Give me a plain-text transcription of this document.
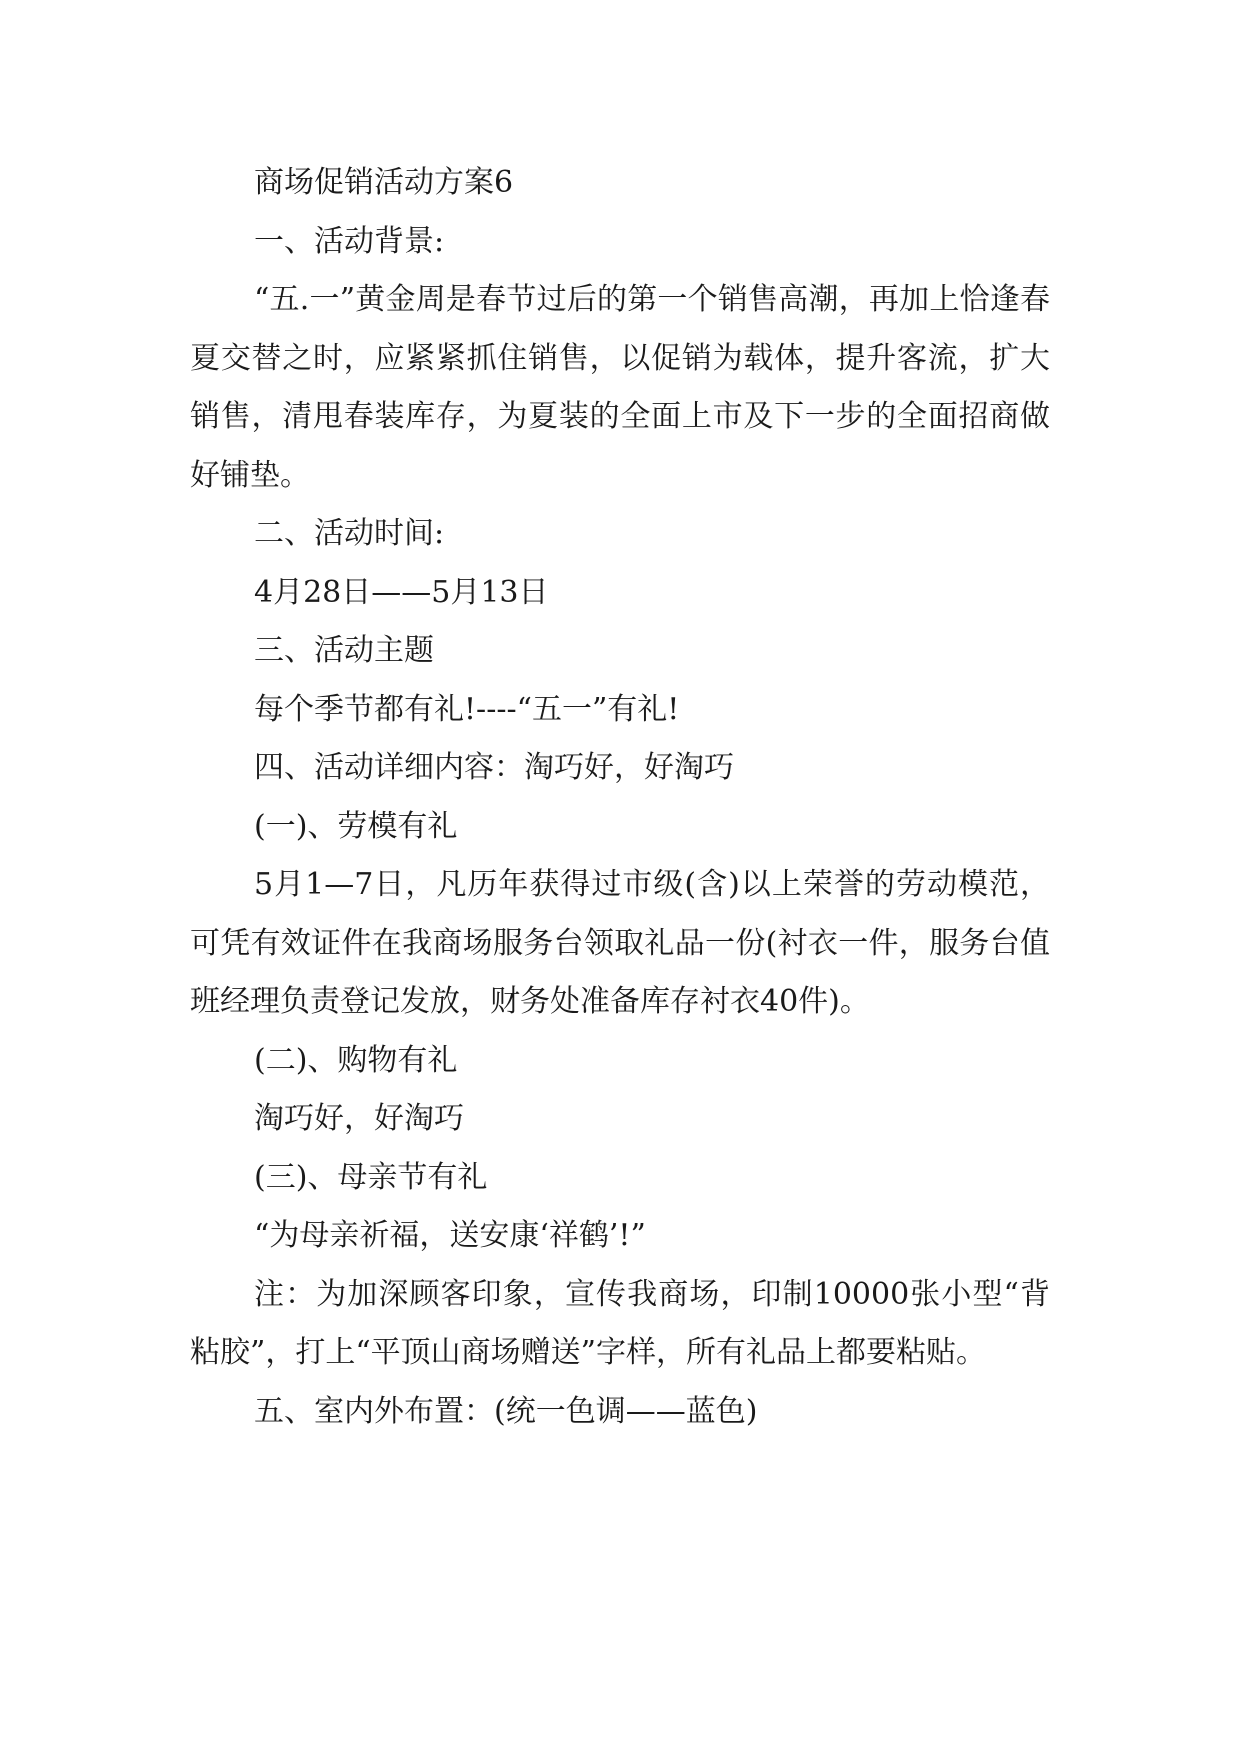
商场促销活动方案6

一、活动背景:

“五.一”黄金周是春节过后的第一个销售高潮，再加上恰逢春夏交替之时，应紧紧抓住销售，以促销为载体，提升客流，扩大销售，清甩春装库存，为夏装的全面上市及下一步的全面招商做好铺垫。

二、活动时间:

4月28日——5月13日

三、活动主题

每个季节都有礼!----“五一”有礼!

四、活动详细内容：淘巧好，好淘巧

(一)、劳模有礼

5月1—7日，凡历年获得过市级(含)以上荣誉的劳动模范，可凭有效证件在我商场服务台领取礼品一份(衬衣一件，服务台值班经理负责登记发放，财务处准备库存衬衣40件)。

(二)、购物有礼

淘巧好，好淘巧

(三)、母亲节有礼

“为母亲祈福，送安康‘祥鹤’!”

注：为加深顾客印象，宣传我商场，印制10000张小型“背粘胶”，打上“平顶山商场赠送”字样，所有礼品上都要粘贴。

五、室内外布置：(统一色调——蓝色)
